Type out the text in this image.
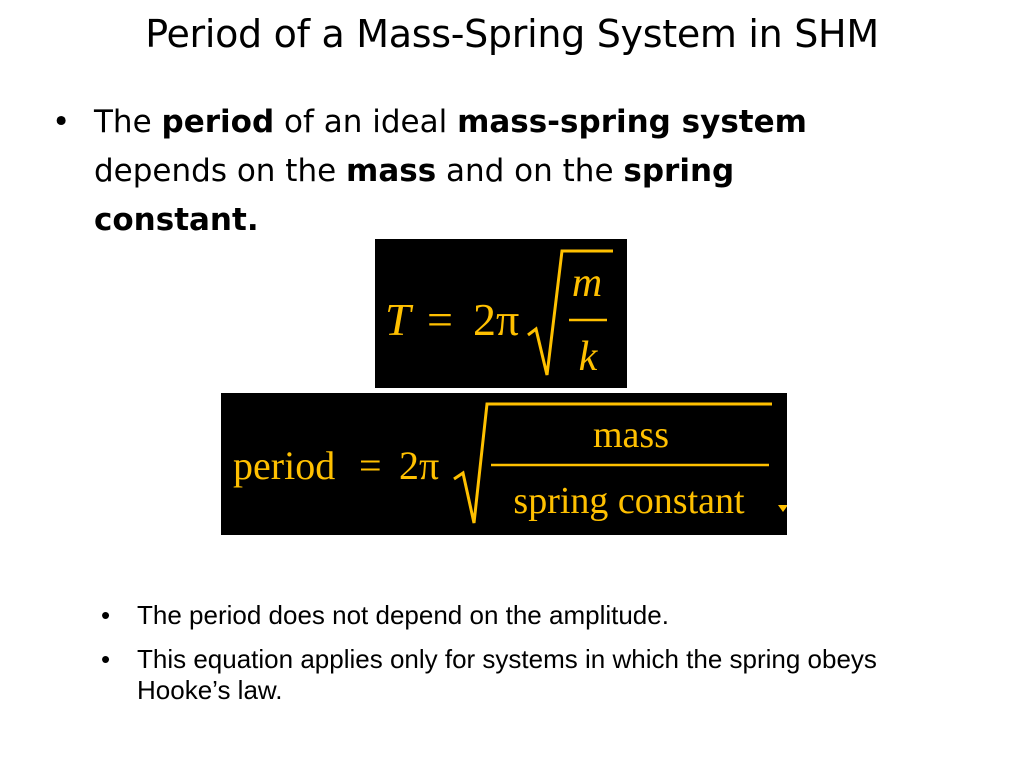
Period of a Mass-Spring System in SHM
• The period of an ideal mass-spring system
depends on the mass and on the spring constant.
T = 2π
m
k
period = 2π
mass
spring constant
• The period does not depend on the amplitude.
• This equation applies only for systems in which the spring obeys Hooke’s law.
